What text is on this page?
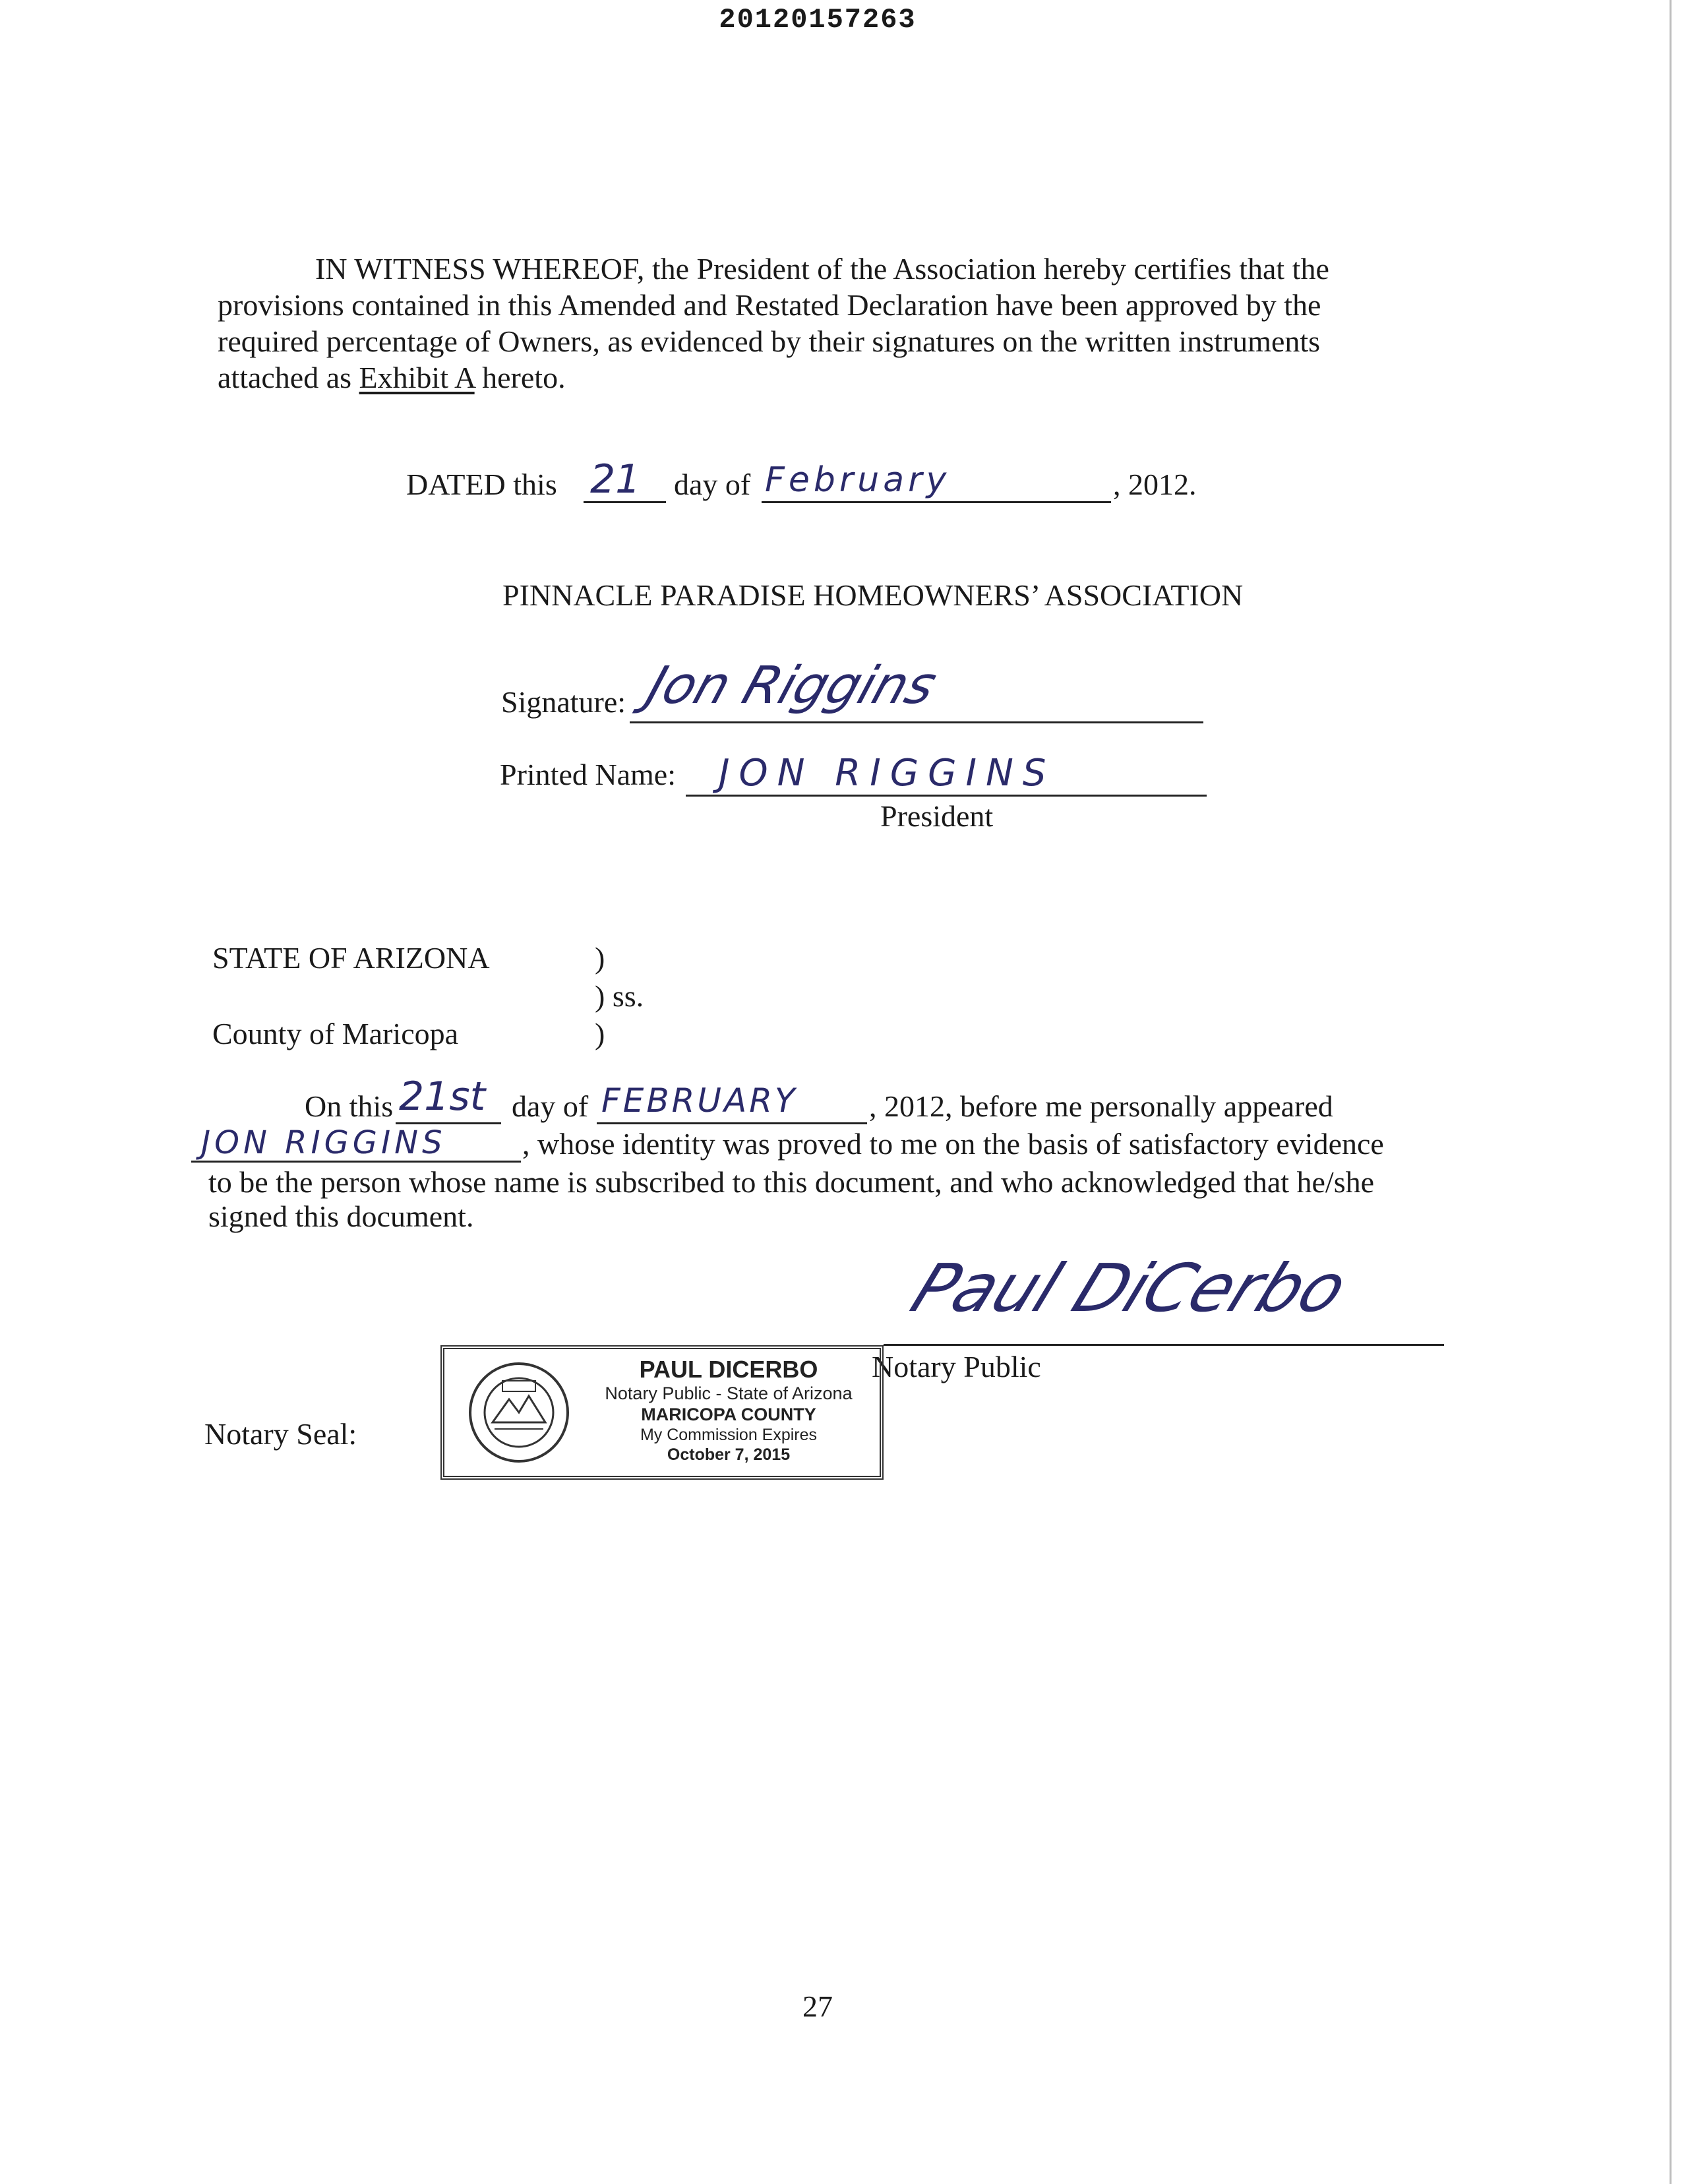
20120157263
IN WITNESS WHEREOF, the President of the Association hereby certifies that the
provisions contained in this Amended and Restated Declaration have been approved by the
required percentage of Owners, as evidenced by their signatures on the written instruments
attached as Exhibit A hereto.
DATED this 21 day of February	, 2012.
PINNACLE PARADISE HOMEOWNERS’ ASSOCIATION
Signature: Jon Riggins
Printed Name: JON RIGGINS
President
STATE OF ARIZONA	)
) ss.
County of Maricopa	)
On this 21st day of FEBRUARY , 2012, before me personally appeared
JON RIGGINS	, whose identity was proved to me on the basis of satisfactory evidence
to be the person whose name is subscribed to this document, and who acknowledged that he/she
signed this document.
Paul DiCerbo
Notary Public
Notary Seal:
PAUL DICERBO
Notary Public - State of Arizona
MARICOPA COUNTY
My Commission Expires
October 7, 2015
27
